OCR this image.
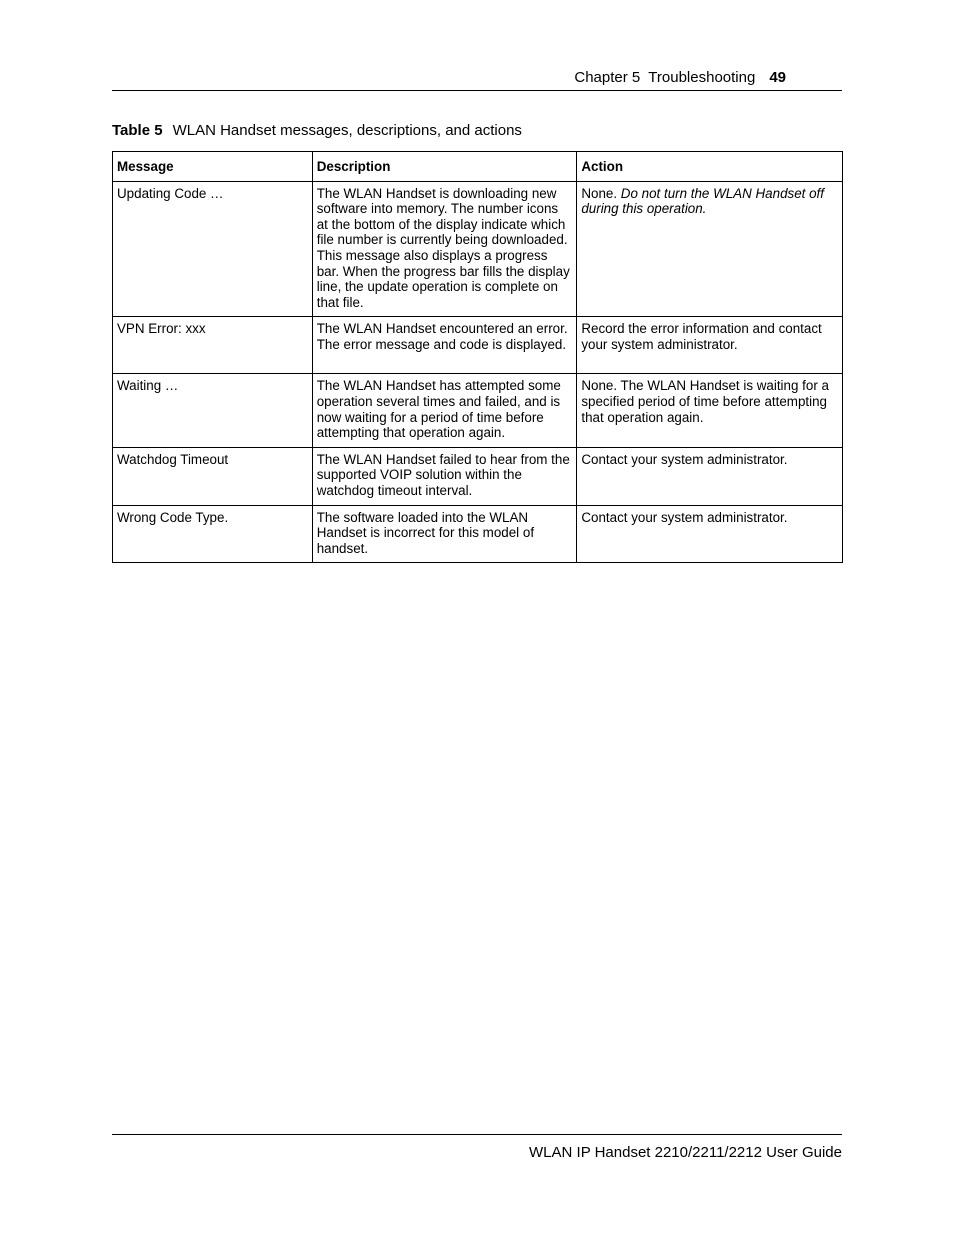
Chapter 5  Troubleshooting 49
Table 5 WLAN Handset messages, descriptions, and actions
Message	Description	Action
Updating Code …	The WLAN Handset is downloading new software into memory. The number icons at the bottom of the display indicate which file number is currently being downloaded. This message also displays a progress bar. When the progress bar fills the display line, the update operation is complete on that file.	None. Do not turn the WLAN Handset off during this operation.
VPN Error: xxx	The WLAN Handset encountered an error. The error message and code is displayed.	Record the error information and contact your system administrator.
Waiting …	The WLAN Handset has attempted some operation several times and failed, and is now waiting for a period of time before attempting that operation again.	None. The WLAN Handset is waiting for a specified period of time before attempting that operation again.
Watchdog Timeout	The WLAN Handset failed to hear from the supported VOIP solution within the watchdog timeout interval.	Contact your system administrator.
Wrong Code Type.	The software loaded into the WLAN Handset is incorrect for this model of handset.	Contact your system administrator.
WLAN IP Handset 2210/2211/2212 User Guide
